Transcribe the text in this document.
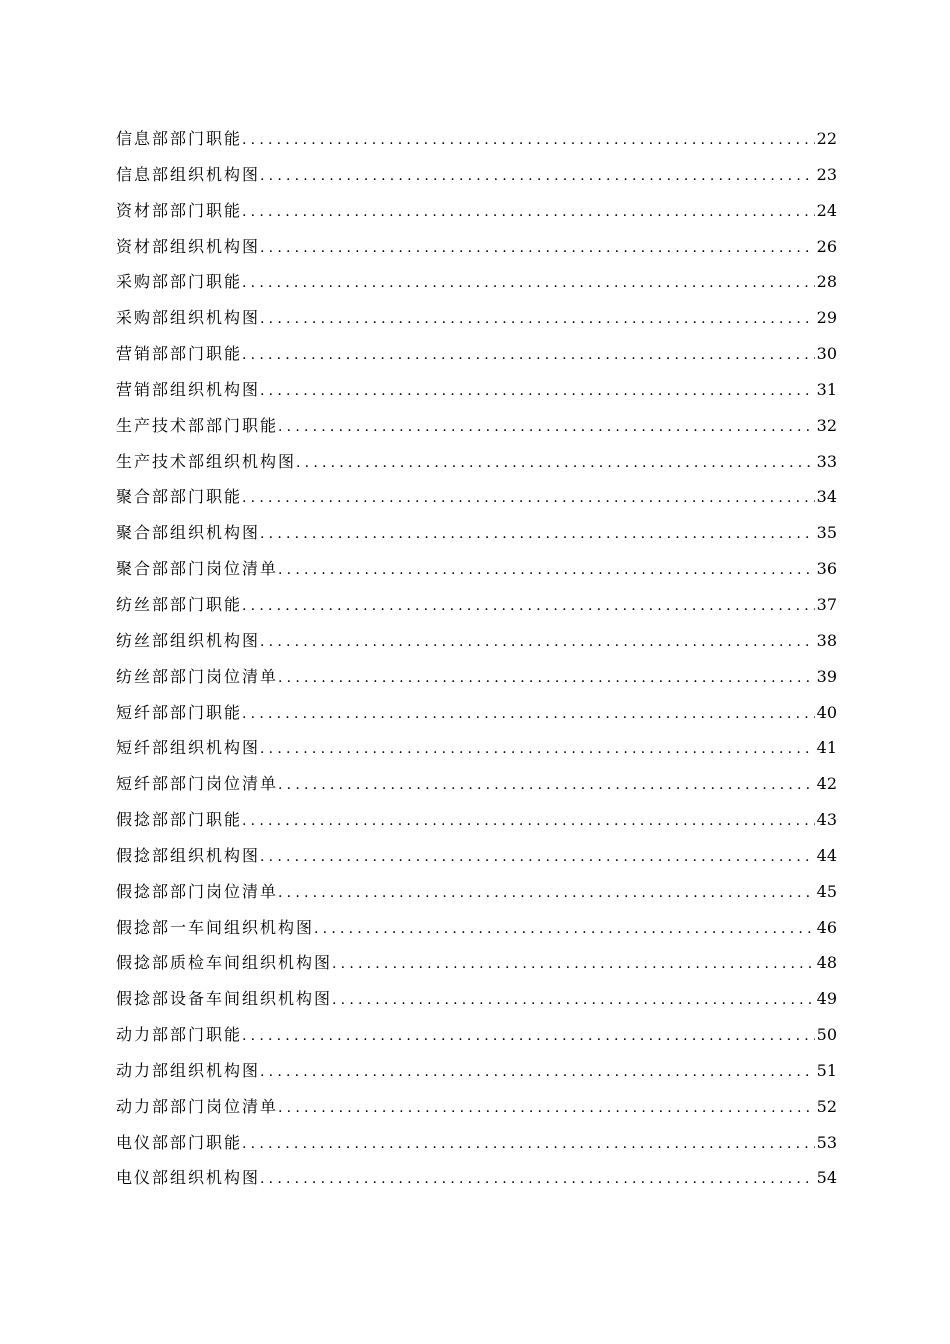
信息部部门职能 .....	22
信息部组织机构图 .....	23
资材部部门职能 .....	24
资材部组织机构图 .....	26
采购部部门职能 .....	28
采购部组织机构图 .....	29
营销部部门职能 .....	30
营销部组织机构图 .....	31
生产技术部部门职能 .....	32
生产技术部组织机构图 .....	33
聚合部部门职能 .....	34
聚合部组织机构图 .....	35
聚合部部门岗位清单 .....	36
纺丝部部门职能 .....	37
纺丝部组织机构图 .....	38
纺丝部部门岗位清单 .....	39
短纤部部门职能 .....	40
短纤部组织机构图 .....	41
短纤部部门岗位清单 .....	42
假捻部部门职能 .....	43
假捻部组织机构图 .....	44
假捻部部门岗位清单 .....	45
假捻部一车间组织机构图 .....	46
假捻部质检车间组织机构图 .....	48
假捻部设备车间组织机构图 .....	49
动力部部门职能 .....	50
动力部组织机构图 .....	51
动力部部门岗位清单 .....	52
电仪部部门职能 .....	53
电仪部组织机构图 .....	54
